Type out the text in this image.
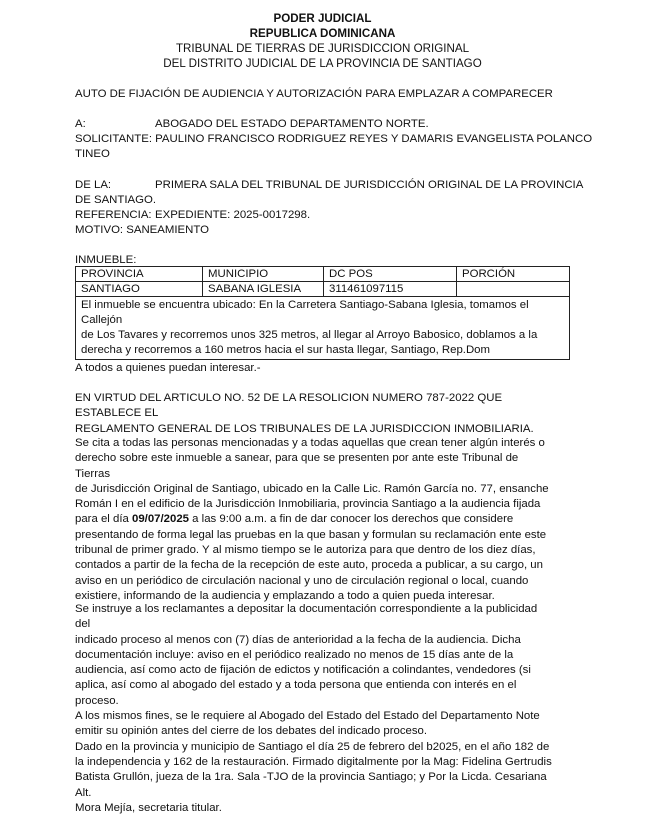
PODER JUDICIAL
REPUBLICA DOMINICANA
TRIBUNAL DE TIERRAS DE JURISDICCION ORIGINAL
DEL DISTRITO JUDICIAL DE LA PROVINCIA DE SANTIAGO
AUTO DE FIJACIÓN DE AUDIENCIA Y AUTORIZACIÓN PARA EMPLAZAR A COMPARECER
A:	ABOGADO DEL ESTADO DEPARTAMENTO NORTE.
SOLICITANTE: PAULINO FRANCISCO RODRIGUEZ REYES Y DAMARIS EVANGELISTA POLANCO
TINEO
DE LA:	PRIMERA SALA DEL TRIBUNAL DE JURISDICCIÓN ORIGINAL DE LA PROVINCIA
DE SANTIAGO.
REFERENCIA: EXPEDIENTE: 2025-0017298.
MOTIVO: SANEAMIENTO
INMUEBLE:
PROVINCIA	MUNICIPIO	DC POS	PORCIÓN
SANTIAGO	SABANA IGLESIA	311461097115	

El inmueble se encuentra ubicado: En la Carretera Santiago-Sabana Iglesia, tomamos el Callejón
de Los Tavares y recorremos unos 325 metros, al llegar al Arroyo Babosico, doblamos a la
derecha y recorremos a 160 metros hacia el sur hasta llegar, Santiago, Rep.Dom			
A todos a quienes puedan interesar.-
EN VIRTUD DEL ARTICULO NO. 52 DE LA RESOLICION NUMERO 787-2022 QUE ESTABLECE EL
REGLAMENTO GENERAL DE LOS TRIBUNALES DE LA JURISDICCION INMOBILIARIA.
Se cita a todas las personas mencionadas y a todas aquellas que crean tener algún interés o
derecho sobre este inmueble a sanear, para que se presenten por ante este Tribunal de Tierras
de Jurisdicción Original de Santiago, ubicado en la Calle Lic. Ramón García no. 77, ensanche
Román I en el edificio de la Jurisdicción Inmobiliaria, provincia Santiago a la audiencia fijada
para el día 09/07/2025 a las 9:00 a.m. a fin de dar conocer los derechos que considere
presentando de forma legal las pruebas en la que basan y formulan su reclamación ente este
tribunal de primer grado. Y al mismo tiempo se le autoriza para que dentro de los diez días,
contados a partir de la fecha de la recepción de este auto, proceda a publicar, a su cargo, un
aviso en un periódico de circulación nacional y uno de circulación regional o local, cuando
existiere, informando de la audiencia y emplazando a todo a quien pueda interesar.
Se instruye a los reclamantes a depositar la documentación correspondiente a la publicidad del
indicado proceso al menos con (7) días de anterioridad a la fecha de la audiencia. Dicha
documentación incluye: aviso en el periódico realizado no menos de 15 días ante de la
audiencia, así como acto de fijación de edictos y notificación a colindantes, vendedores (si
aplica, así como al abogado del estado y a toda persona que entienda con interés en el
proceso.
A los mismos fines, se le requiere al Abogado del Estado del Estado del Departamento Note
emitir su opinión antes del cierre de los debates del indicado proceso.
Dado en la provincia y municipio de Santiago el día 25 de febrero del b2025, en el año 182 de
la independencia y 162 de la restauración. Firmado digitalmente por la Mag: Fidelina Gertrudis
Batista Grullón, jueza de la 1ra. Sala -TJO de la provincia Santiago; y Por la Licda. Cesariana Alt.
Mora Mejía, secretaria titular.
